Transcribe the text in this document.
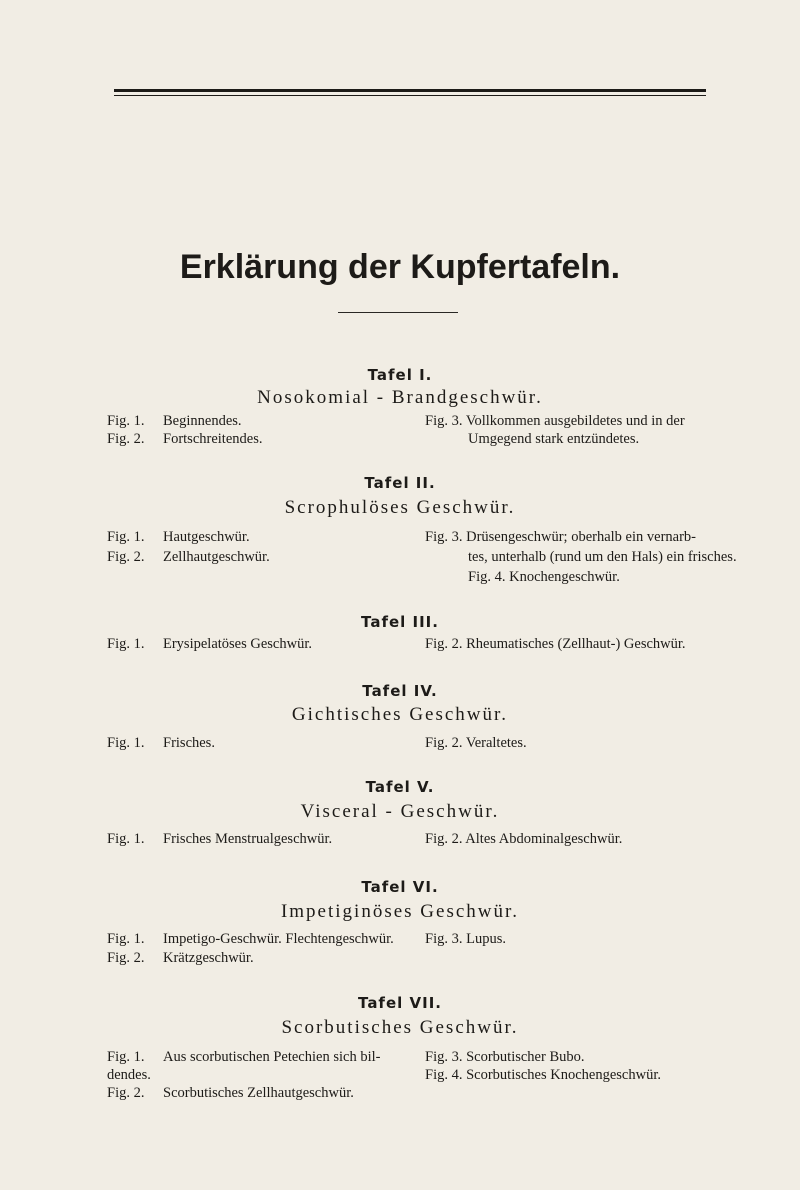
Erklärung der Kupfertafeln.
Tafel I.
Nosokomial - Brandgeschwür.
Fig. 1. Beginnendes.
Fig. 2. Fortschreitendes.
Fig. 3. Vollkommen ausgebildetes und in der
Umgegend stark entzündetes.
Tafel II.
Scrophulöses Geschwür.
Fig. 1. Hautgeschwür.
Fig. 2. Zellhautgeschwür.
Fig. 3. Drüsengeschwür; oberhalb ein vernarb-
tes, unterhalb (rund um den Hals) ein frisches.
Fig. 4. Knochengeschwür.
Tafel III.
Fig. 1. Erysipelatöses Geschwür.	Fig. 2. Rheumatisches (Zellhaut-) Geschwür.
Tafel IV.
Gichtisches Geschwür.
Fig. 1. Frisches.	Fig. 2. Veraltetes.
Tafel V.
Visceral - Geschwür.
Fig. 1. Frisches Menstrualgeschwür.	Fig. 2. Altes Abdominalgeschwür.
Tafel VI.
Impetiginöses Geschwür.
Fig. 1. Impetigo-Geschwür. Flechtengeschwür.
Fig. 2. Krätzgeschwür.
Fig. 3. Lupus.
Tafel VII.
Scorbutisches Geschwür.
Fig. 1. Aus scorbutischen Petechien sich bil-
dendes.
Fig. 2. Scorbutisches Zellhautgeschwür.
Fig. 3. Scorbutischer Bubo.
Fig. 4. Scorbutisches Knochengeschwür.
